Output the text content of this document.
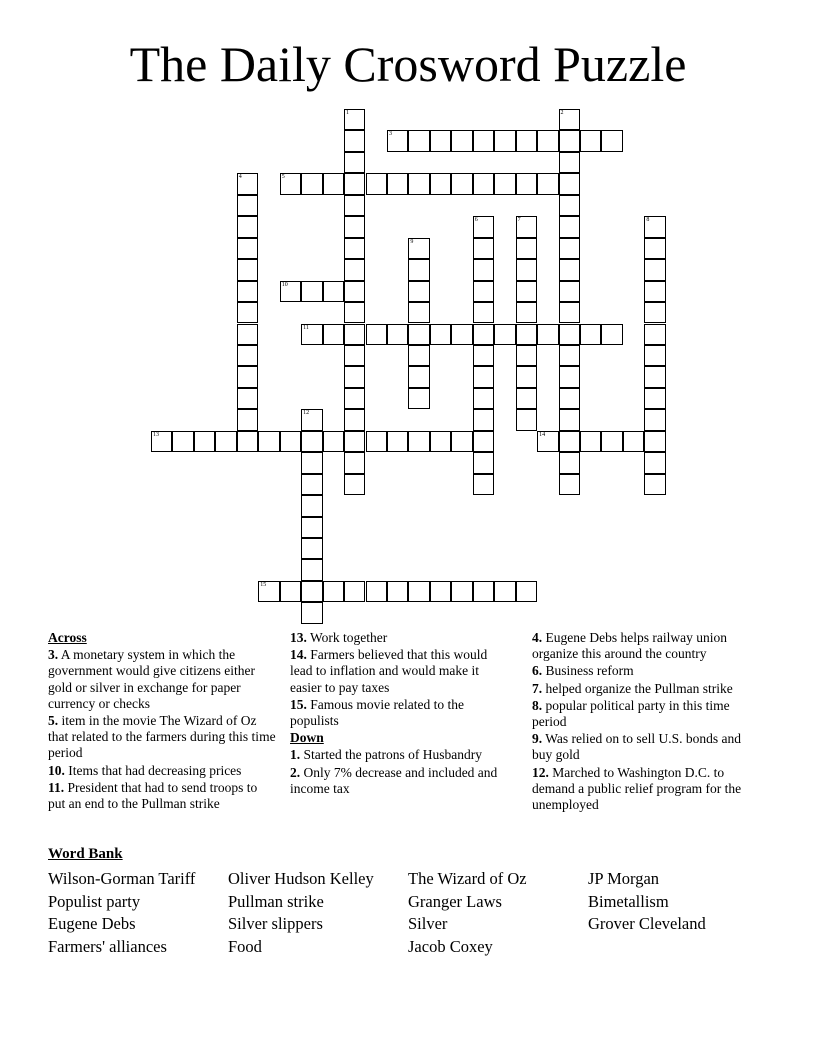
The Daily Crosword Puzzle
1	2
3
4	5
6	7	8
9
10
11
12
13	14
15
Across
3. A monetary system in which the government would give citizens either gold or silver in exchange for paper currency or checks
5. item in the movie The Wizard of Oz that related to the farmers during this time period
10. Items that had decreasing prices
11. President that had to send troops to put an end to the Pullman strike
13. Work together
14. Farmers believed that this would lead to inflation and would make it easier to pay taxes
15. Famous movie related to the populists
Down
1. Started the patrons of Husbandry
2. Only 7% decrease and included and income tax
4. Eugene Debs helps railway union organize this around the country
6. Business reform
7. helped organize the Pullman strike
8. popular political party in this time period
9. Was relied on to sell U.S. bonds and buy gold
12. Marched to Washington D.C. to demand a public relief program for the unemployed
Word Bank
Wilson-Gorman Tariff
Populist party
Eugene Debs
Farmers' alliances
Oliver Hudson Kelley
Pullman strike
Silver slippers
Food
The Wizard of Oz
Granger Laws
Silver
Jacob Coxey
JP Morgan
Bimetallism
Grover Cleveland
